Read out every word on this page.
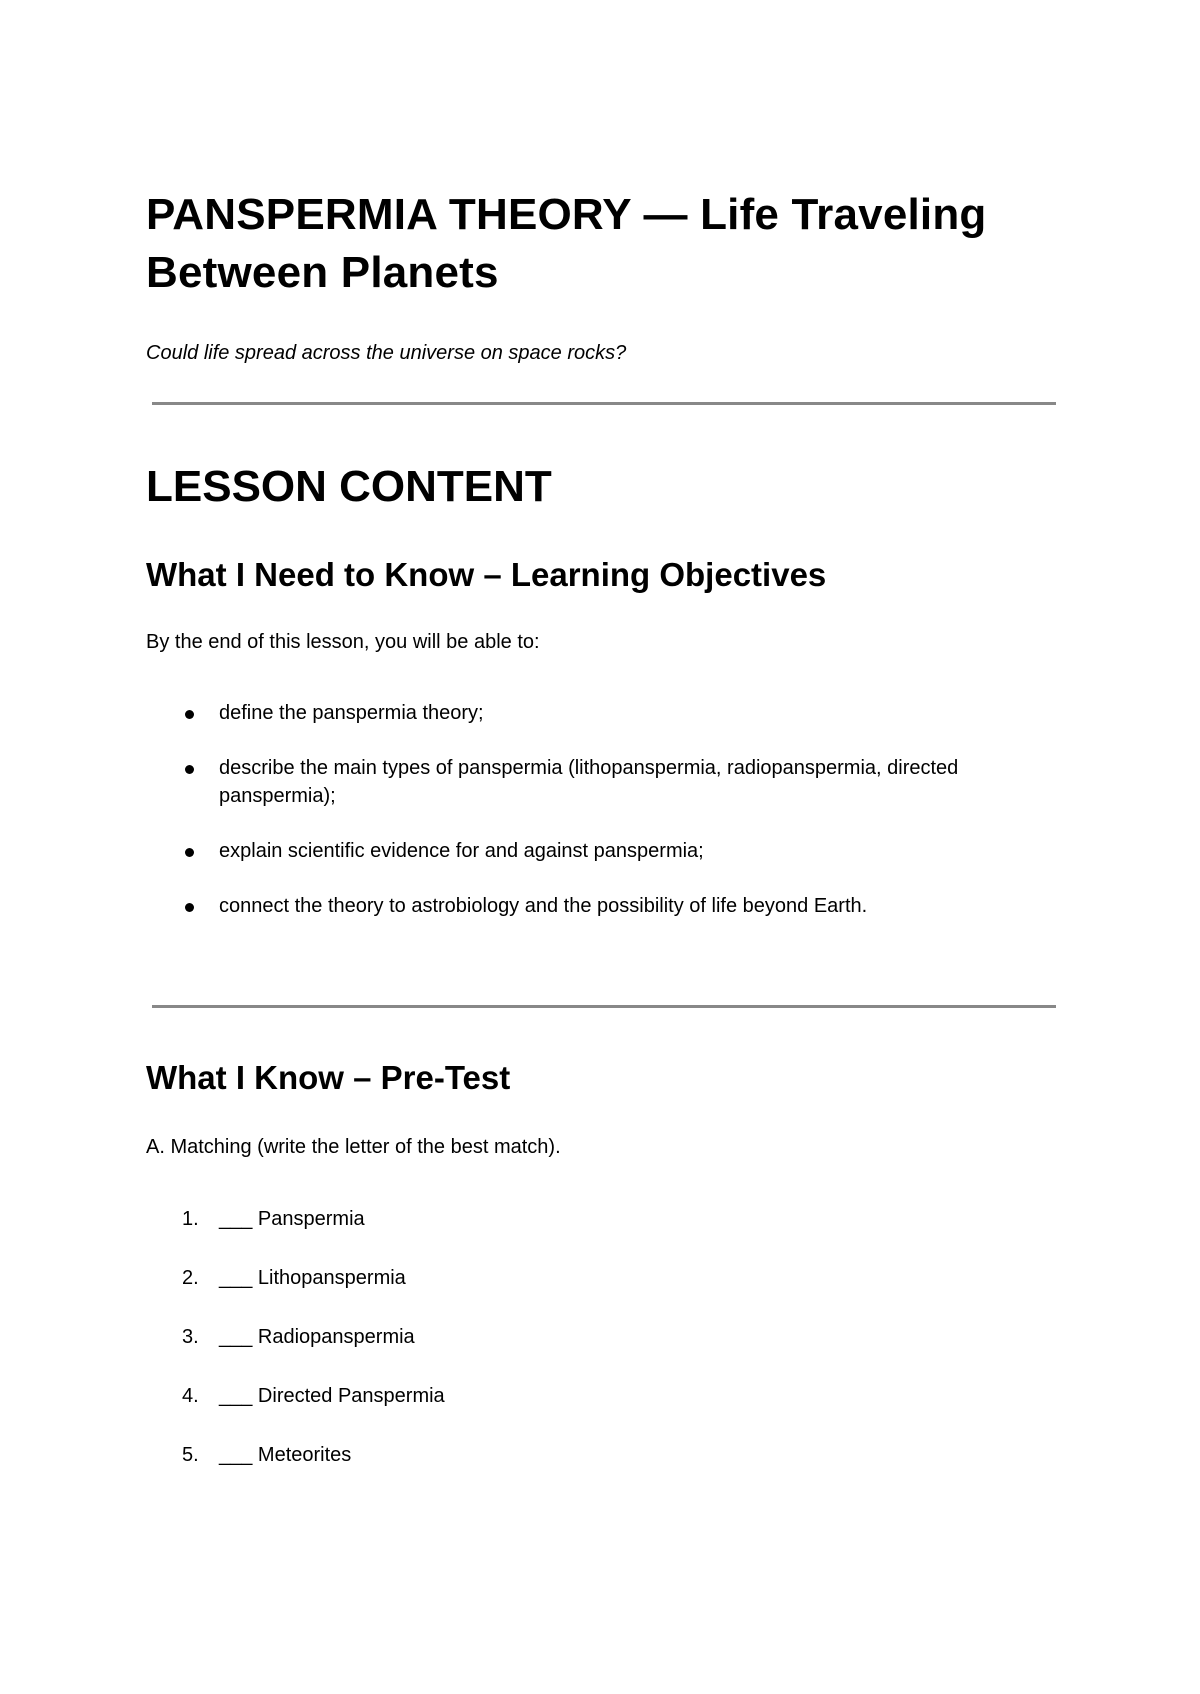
PANSPERMIA THEORY — Life Traveling Between Planets

Could life spread across the universe on space rocks?

LESSON CONTENT
What I Need to Know – Learning Objectives

By the end of this lesson, you will be able to:

define the panspermia theory;
describe the main types of panspermia (lithopanspermia, radiopanspermia, directed panspermia);
explain scientific evidence for and against panspermia;
connect the theory to astrobiology and the possibility of life beyond Earth.
What I Know – Pre-Test

A. Matching (write the letter of the best match).

1. ___ Panspermia
2. ___ Lithopanspermia
3. ___ Radiopanspermia
4. ___ Directed Panspermia
5. ___ Meteorites
